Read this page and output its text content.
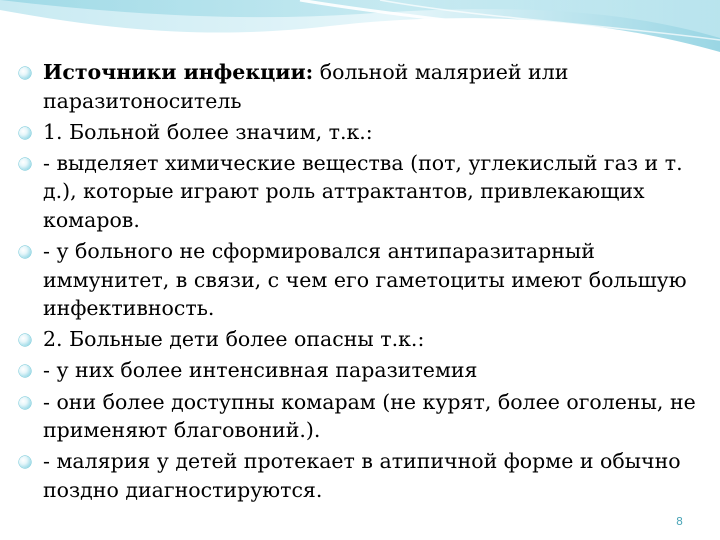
Источники инфекции: больной малярией или паразитоноситель
1. Больной более значим, т.к.:
- выделяет химические вещества (пот, углекислый газ и т. д.), которые играют роль аттрактантов, привлекающих комаров.
- у больного не сформировался антипаразитарный иммунитет, в связи, с чем его гаметоциты имеют большую инфективность.
2. Больные дети более опасны т.к.:
- у них более интенсивная паразитемия
- они более доступны комарам (не курят, более оголены, не применяют благовоний.).
- малярия у детей протекает в атипичной форме и обычно поздно диагностируются.
8
